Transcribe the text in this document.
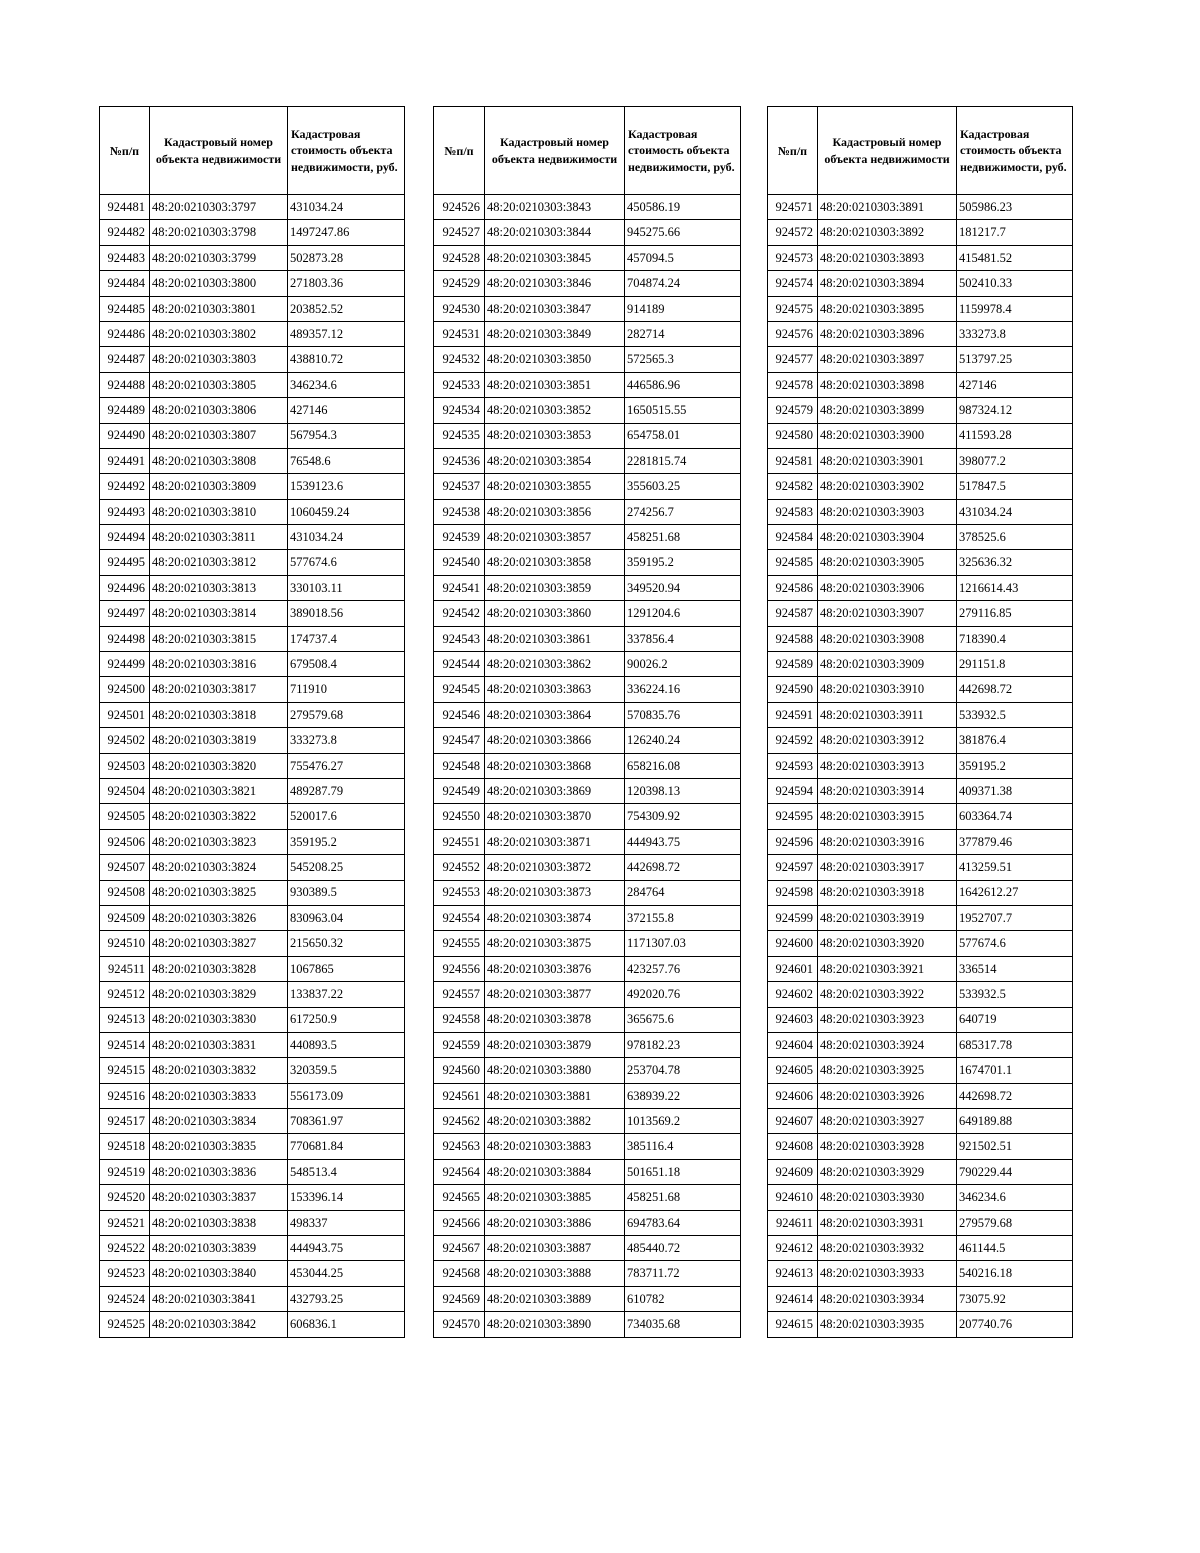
№п/п	Кадастровый номер объекта недвижимости	Кадастровая стоимость объекта недвижимости, руб.
924481	48:20:0210303:3797	431034.24
924482	48:20:0210303:3798	1497247.86
924483	48:20:0210303:3799	502873.28
924484	48:20:0210303:3800	271803.36
924485	48:20:0210303:3801	203852.52
924486	48:20:0210303:3802	489357.12
924487	48:20:0210303:3803	438810.72
924488	48:20:0210303:3805	346234.6
924489	48:20:0210303:3806	427146
924490	48:20:0210303:3807	567954.3
924491	48:20:0210303:3808	76548.6
924492	48:20:0210303:3809	1539123.6
924493	48:20:0210303:3810	1060459.24
924494	48:20:0210303:3811	431034.24
924495	48:20:0210303:3812	577674.6
924496	48:20:0210303:3813	330103.11
924497	48:20:0210303:3814	389018.56
924498	48:20:0210303:3815	174737.4
924499	48:20:0210303:3816	679508.4
924500	48:20:0210303:3817	711910
924501	48:20:0210303:3818	279579.68
924502	48:20:0210303:3819	333273.8
924503	48:20:0210303:3820	755476.27
924504	48:20:0210303:3821	489287.79
924505	48:20:0210303:3822	520017.6
924506	48:20:0210303:3823	359195.2
924507	48:20:0210303:3824	545208.25
924508	48:20:0210303:3825	930389.5
924509	48:20:0210303:3826	830963.04
924510	48:20:0210303:3827	215650.32
924511	48:20:0210303:3828	1067865
924512	48:20:0210303:3829	133837.22
924513	48:20:0210303:3830	617250.9
924514	48:20:0210303:3831	440893.5
924515	48:20:0210303:3832	320359.5
924516	48:20:0210303:3833	556173.09
924517	48:20:0210303:3834	708361.97
924518	48:20:0210303:3835	770681.84
924519	48:20:0210303:3836	548513.4
924520	48:20:0210303:3837	153396.14
924521	48:20:0210303:3838	498337
924522	48:20:0210303:3839	444943.75
924523	48:20:0210303:3840	453044.25
924524	48:20:0210303:3841	432793.25
924525	48:20:0210303:3842	606836.1
№п/п	Кадастровый номер объекта недвижимости	Кадастровая стоимость объекта недвижимости, руб.
924526	48:20:0210303:3843	450586.19
924527	48:20:0210303:3844	945275.66
924528	48:20:0210303:3845	457094.5
924529	48:20:0210303:3846	704874.24
924530	48:20:0210303:3847	914189
924531	48:20:0210303:3849	282714
924532	48:20:0210303:3850	572565.3
924533	48:20:0210303:3851	446586.96
924534	48:20:0210303:3852	1650515.55
924535	48:20:0210303:3853	654758.01
924536	48:20:0210303:3854	2281815.74
924537	48:20:0210303:3855	355603.25
924538	48:20:0210303:3856	274256.7
924539	48:20:0210303:3857	458251.68
924540	48:20:0210303:3858	359195.2
924541	48:20:0210303:3859	349520.94
924542	48:20:0210303:3860	1291204.6
924543	48:20:0210303:3861	337856.4
924544	48:20:0210303:3862	90026.2
924545	48:20:0210303:3863	336224.16
924546	48:20:0210303:3864	570835.76
924547	48:20:0210303:3866	126240.24
924548	48:20:0210303:3868	658216.08
924549	48:20:0210303:3869	120398.13
924550	48:20:0210303:3870	754309.92
924551	48:20:0210303:3871	444943.75
924552	48:20:0210303:3872	442698.72
924553	48:20:0210303:3873	284764
924554	48:20:0210303:3874	372155.8
924555	48:20:0210303:3875	1171307.03
924556	48:20:0210303:3876	423257.76
924557	48:20:0210303:3877	492020.76
924558	48:20:0210303:3878	365675.6
924559	48:20:0210303:3879	978182.23
924560	48:20:0210303:3880	253704.78
924561	48:20:0210303:3881	638939.22
924562	48:20:0210303:3882	1013569.2
924563	48:20:0210303:3883	385116.4
924564	48:20:0210303:3884	501651.18
924565	48:20:0210303:3885	458251.68
924566	48:20:0210303:3886	694783.64
924567	48:20:0210303:3887	485440.72
924568	48:20:0210303:3888	783711.72
924569	48:20:0210303:3889	610782
924570	48:20:0210303:3890	734035.68
№п/п	Кадастровый номер объекта недвижимости	Кадастровая стоимость объекта недвижимости, руб.
924571	48:20:0210303:3891	505986.23
924572	48:20:0210303:3892	181217.7
924573	48:20:0210303:3893	415481.52
924574	48:20:0210303:3894	502410.33
924575	48:20:0210303:3895	1159978.4
924576	48:20:0210303:3896	333273.8
924577	48:20:0210303:3897	513797.25
924578	48:20:0210303:3898	427146
924579	48:20:0210303:3899	987324.12
924580	48:20:0210303:3900	411593.28
924581	48:20:0210303:3901	398077.2
924582	48:20:0210303:3902	517847.5
924583	48:20:0210303:3903	431034.24
924584	48:20:0210303:3904	378525.6
924585	48:20:0210303:3905	325636.32
924586	48:20:0210303:3906	1216614.43
924587	48:20:0210303:3907	279116.85
924588	48:20:0210303:3908	718390.4
924589	48:20:0210303:3909	291151.8
924590	48:20:0210303:3910	442698.72
924591	48:20:0210303:3911	533932.5
924592	48:20:0210303:3912	381876.4
924593	48:20:0210303:3913	359195.2
924594	48:20:0210303:3914	409371.38
924595	48:20:0210303:3915	603364.74
924596	48:20:0210303:3916	377879.46
924597	48:20:0210303:3917	413259.51
924598	48:20:0210303:3918	1642612.27
924599	48:20:0210303:3919	1952707.7
924600	48:20:0210303:3920	577674.6
924601	48:20:0210303:3921	336514
924602	48:20:0210303:3922	533932.5
924603	48:20:0210303:3923	640719
924604	48:20:0210303:3924	685317.78
924605	48:20:0210303:3925	1674701.1
924606	48:20:0210303:3926	442698.72
924607	48:20:0210303:3927	649189.88
924608	48:20:0210303:3928	921502.51
924609	48:20:0210303:3929	790229.44
924610	48:20:0210303:3930	346234.6
924611	48:20:0210303:3931	279579.68
924612	48:20:0210303:3932	461144.5
924613	48:20:0210303:3933	540216.18
924614	48:20:0210303:3934	73075.92
924615	48:20:0210303:3935	207740.76
